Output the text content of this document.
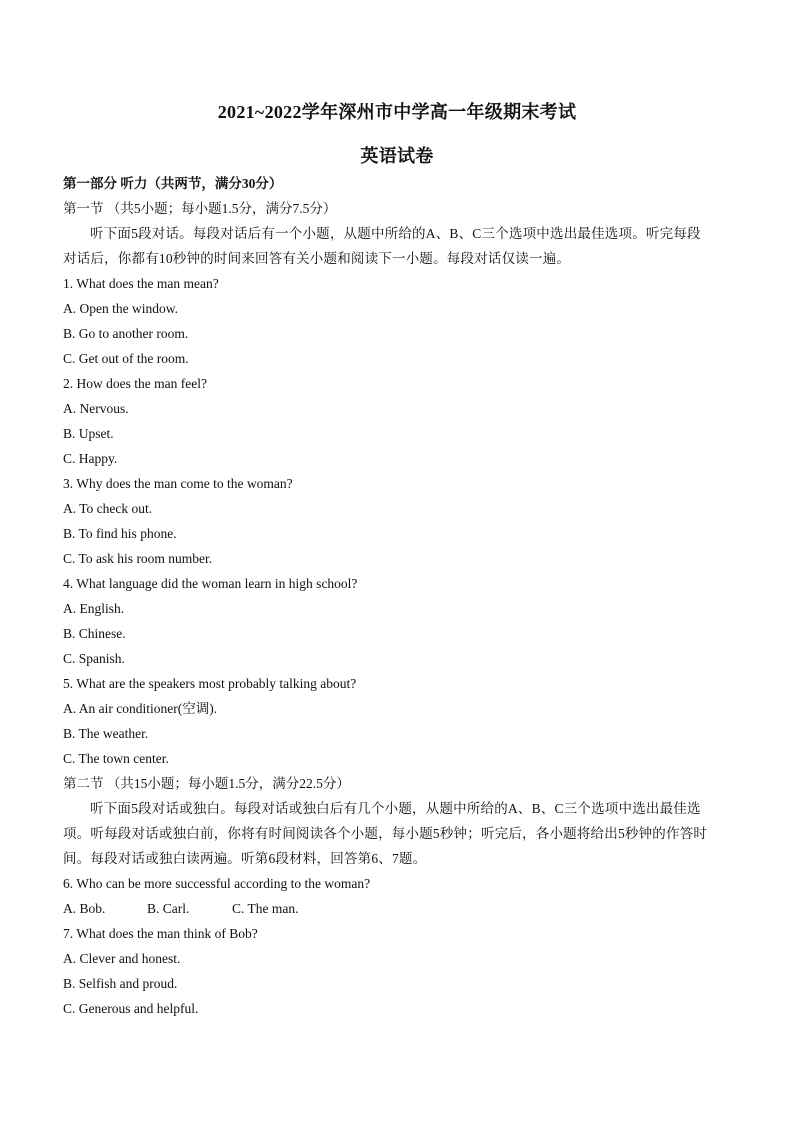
2021~2022学年深州市中学高一年级期末考试
英语试卷
第一部分 听力（共两节，满分30分）
第一节 （共5小题；每小题1.5分，满分7.5分）
听下面5段对话。每段对话后有一个小题，从题中所给的A、B、C三个选项中选出最佳选项。听完每段
对话后，你都有10秒钟的时间来回答有关小题和阅读下一小题。每段对话仅读一遍。
1. What does the man mean?
A. Open the window.
B. Go to another room.
C. Get out of the room.
2. How does the man feel?
A. Nervous.
B. Upset.
C. Happy.
3. Why does the man come to the woman?
A. To check out.
B. To find his phone.
C. To ask his room number.
4. What language did the woman learn in high school?
A. English.
B. Chinese.
C. Spanish.
5. What are the speakers most probably talking about?
A. An air conditioner(空调).
B. The weather.
C. The town center.
第二节 （共15小题；每小题1.5分，满分22.5分）
听下面5段对话或独白。每段对话或独白后有几个小题，从题中所给的A、B、C三个选项中选出最佳选
项。听每段对话或独白前，你将有时间阅读各个小题，每小题5秒钟；听完后，各小题将给出5秒钟的作答时
间。每段对话或独白读两遍。听第6段材料，回答第6、7题。
6. Who can be more successful according to the woman?
A. Bob.	B. Carl.	C. The man.
7. What does the man think of Bob?
A. Clever and honest.
B. Selfish and proud.
C. Generous and helpful.
